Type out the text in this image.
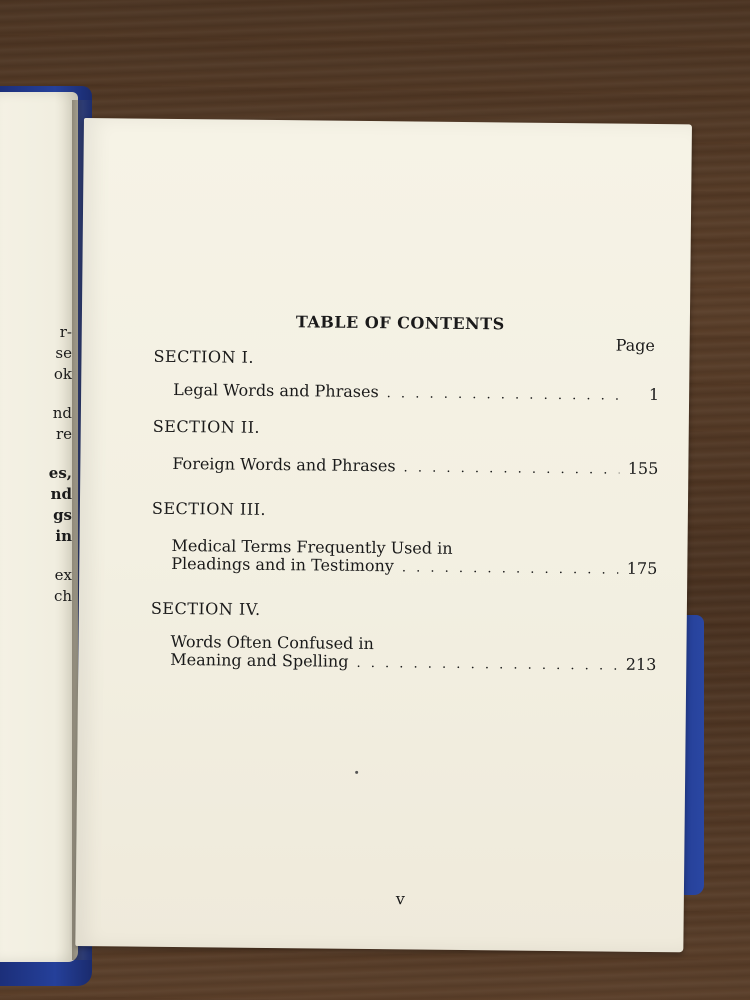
r-
se
ok
nd
re
es,
nd
gs
in
ex
ch
TABLE OF CONTENTS
Page
SECTION I.
Legal Words and Phrases . . .	1
SECTION II.
Foreign Words and Phrases . . .	155
SECTION III.
Medical Terms Frequently Used in
Pleadings and in Testimony . . .	175
SECTION IV.
Words Often Confused in
Meaning and Spelling . . .	213
v
